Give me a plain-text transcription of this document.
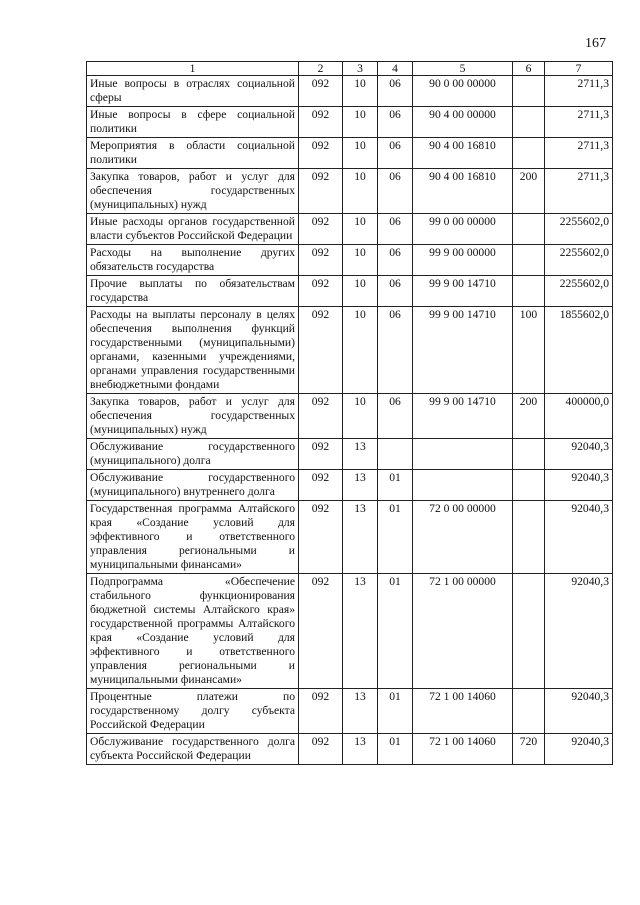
167
1	2	3	4	5	6	7
Иные вопросы в отраслях социальной сферы	092	10	06	90 0 00 00000		2711,3
Иные вопросы в сфере социальной политики	092	10	06	90 4 00 00000		2711,3
Мероприятия в области социальной политики	092	10	06	90 4 00 16810		2711,3
Закупка товаров, работ и услуг для обеспечения государственных (муниципальных) нужд	092	10	06	90 4 00 16810	200	2711,3
Иные расходы органов государственной власти субъектов Российской Федерации	092	10	06	99 0 00 00000		2255602,0
Расходы на выполнение других обязательств государства	092	10	06	99 9 00 00000		2255602,0
Прочие выплаты по обязательствам государства	092	10	06	99 9 00 14710		2255602,0
Расходы на выплаты персоналу в целях обеспечения выполнения функций государственными (муниципальными) органами, казенными учреждениями, органами управления государственными внебюджетными фондами	092	10	06	99 9 00 14710	100	1855602,0
Закупка товаров, работ и услуг для обеспечения государственных (муниципальных) нужд	092	10	06	99 9 00 14710	200	400000,0
Обслуживание государственного (муниципального) долга	092	13				92040,3
Обслуживание государственного (муниципального) внутреннего долга	092	13	01			92040,3
Государственная программа Алтайского края «Создание условий для эффективного и ответственного управления региональными и муниципальными финансами»	092	13	01	72 0 00 00000		92040,3
Подпрограмма «Обеспечение стабильного функционирования бюджетной системы Алтайского края» государственной программы Алтайского края «Создание условий для эффективного и ответственного управления региональными и муниципальными финансами»	092	13	01	72 1 00 00000		92040,3
Процентные платежи по государственному долгу субъекта Российской Федерации	092	13	01	72 1 00 14060		92040,3
Обслуживание государственного долга субъекта Российской Федерации	092	13	01	72 1 00 14060	720	92040,3
